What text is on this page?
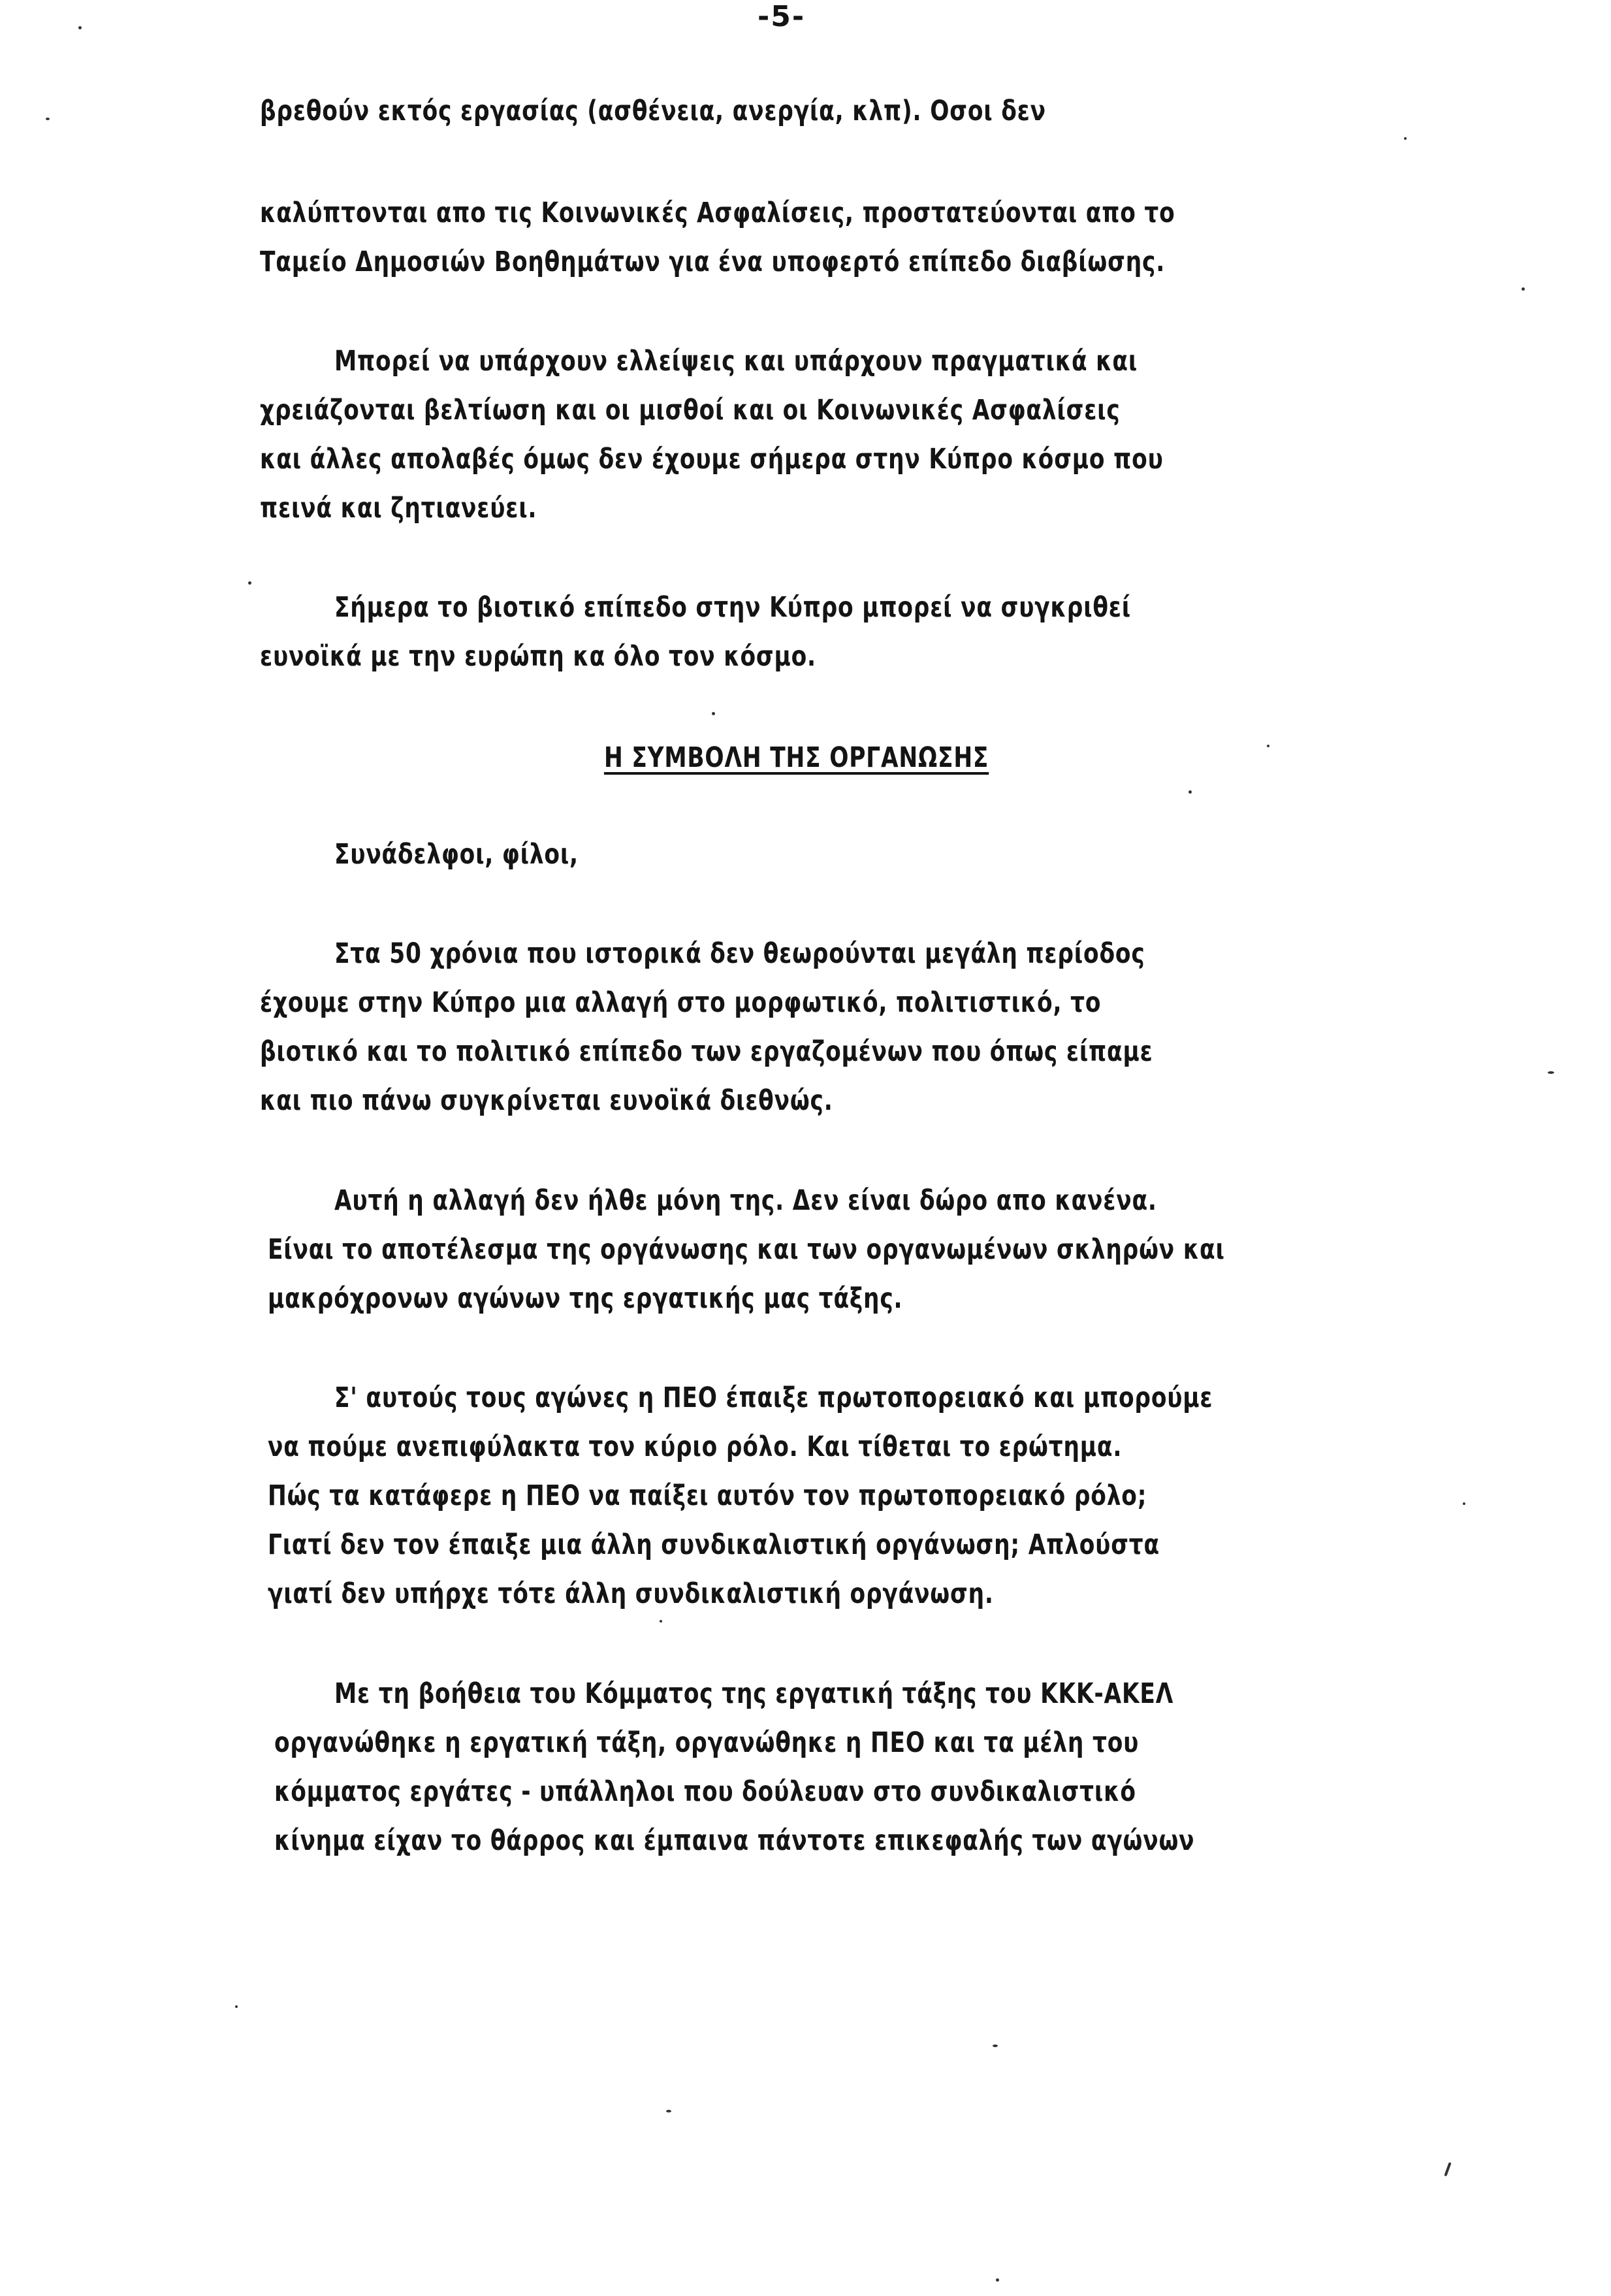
-5-
βρεθούν εκτός εργασίας (ασθένεια, ανεργία, κλπ). Οσοι δεν
καλύπτονται απο τις Κοινωνικές Ασφαλίσεις, προστατεύονται απο το
Ταμείο Δημοσιών Βοηθημάτων για ένα υποφερτό επίπεδο διαβίωσης.
Μπορεί να υπάρχουν ελλείψεις και υπάρχουν πραγματικά και
χρειάζονται βελτίωση και οι μισθοί και οι Κοινωνικές Ασφαλίσεις
και άλλες απολαβές όμως δεν έχουμε σήμερα στην Κύπρο κόσμο που
πεινά και ζητιανεύει.
Σήμερα το βιοτικό επίπεδο στην Κύπρο μπορεί να συγκριθεί
ευνοϊκά με την ευρώπη κα όλο τον κόσμο.
Η ΣΥΜΒΟΛΗ ΤΗΣ ΟΡΓΑΝΩΣΗΣ
Συνάδελφοι, φίλοι,
Στα 50 χρόνια που ιστορικά δεν θεωρούνται μεγάλη περίοδος
έχουμε στην Κύπρο μια αλλαγή στο μορφωτικό, πολιτιστικό, το
βιοτικό και το πολιτικό επίπεδο των εργαζομένων που όπως είπαμε
και πιο πάνω συγκρίνεται ευνοϊκά διεθνώς.
Αυτή η αλλαγή δεν ήλθε μόνη της. Δεν είναι δώρο απο κανένα.
Είναι το αποτέλεσμα της οργάνωσης και των οργανωμένων σκληρών και
μακρόχρονων αγώνων της εργατικής μας τάξης.
Σ' αυτούς τους αγώνες η ΠΕΟ έπαιξε πρωτοπορειακό και μπορούμε
να πούμε ανεπιφύλακτα τον κύριο ρόλο. Και τίθεται το ερώτημα.
Πώς τα κατάφερε η ΠΕΟ να παίξει αυτόν τον πρωτοπορειακό ρόλο;
Γιατί δεν τον έπαιξε μια άλλη συνδικαλιστική οργάνωση; Απλούστα
γιατί δεν υπήρχε τότε άλλη συνδικαλιστική οργάνωση.
Με τη βοήθεια του Κόμματος της εργατική τάξης του ΚΚΚ-ΑΚΕΛ
οργανώθηκε η εργατική τάξη, οργανώθηκε η ΠΕΟ και τα μέλη του
κόμματος εργάτες - υπάλληλοι που δούλευαν στο συνδικαλιστικό
κίνημα είχαν το θάρρος και έμπαινα πάντοτε επικεφαλής των αγώνων
